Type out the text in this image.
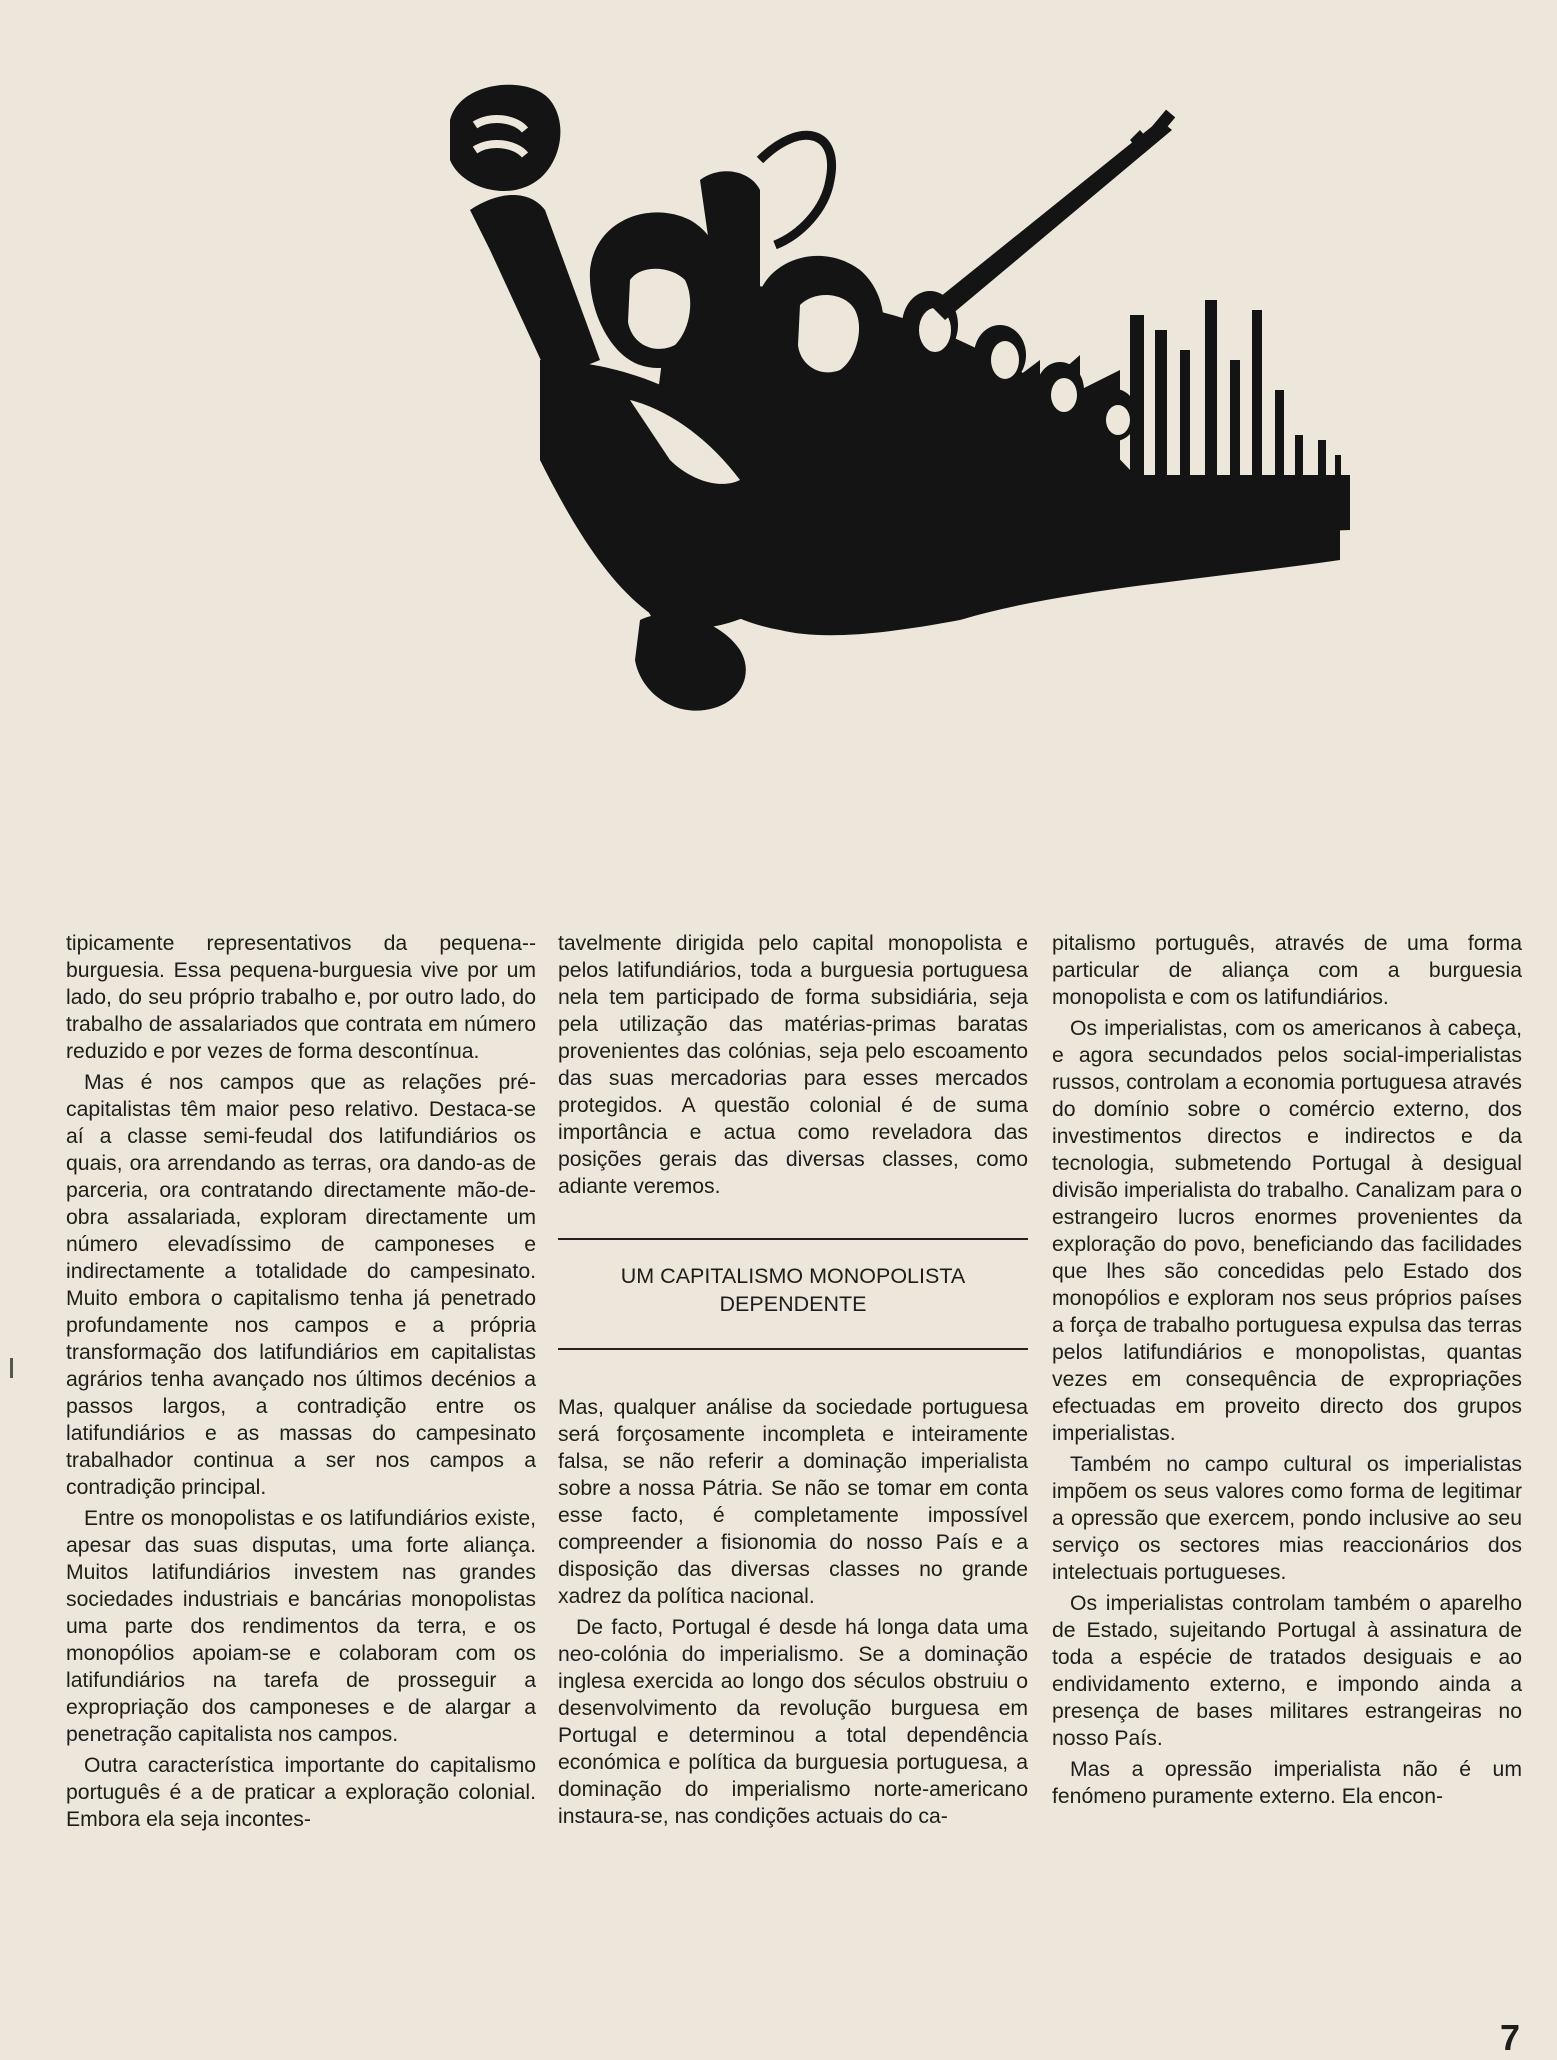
tipicamente representativos da pequena--burguesia. Essa pequena-burguesia vive por um lado, do seu próprio trabalho e, por outro lado, do trabalho de assalariados que contrata em número reduzido e por vezes de forma descontínua.

Mas é nos campos que as relações pré-capitalistas têm maior peso relativo. Destaca-se aí a classe semi-feudal dos latifundiários os quais, ora arrendando as terras, ora dando-as de parceria, ora contratando directamente mão-de-obra assalariada, exploram directamente um número elevadíssimo de camponeses e indirectamente a totalidade do campesinato. Muito embora o capitalismo tenha já penetrado profundamente nos campos e a própria transformação dos latifundiários em capitalistas agrários tenha avançado nos últimos decénios a passos largos, a contradição entre os latifundiários e as massas do campesinato trabalhador continua a ser nos campos a contradição principal.

Entre os monopolistas e os latifundiários existe, apesar das suas disputas, uma forte aliança. Muitos latifundiários investem nas grandes sociedades industriais e bancárias monopolistas uma parte dos rendimentos da terra, e os monopólios apoiam-se e colaboram com os latifundiários na tarefa de prosseguir a expropriação dos camponeses e de alargar a penetração capitalista nos campos.

Outra característica importante do capitalismo português é a de praticar a exploração colonial. Embora ela seja incontes-

tavelmente dirigida pelo capital monopolista e pelos latifundiários, toda a burguesia portuguesa nela tem participado de forma subsidiária, seja pela utilização das matérias-primas baratas provenientes das colónias, seja pelo escoamento das suas mercadorias para esses mercados protegidos. A questão colonial é de suma importância e actua como reveladora das posições gerais das diversas classes, como adiante veremos.

UM CAPITALISMO MONOPOLISTA DEPENDENTE

Mas, qualquer análise da sociedade portuguesa será forçosamente incompleta e inteiramente falsa, se não referir a dominação imperialista sobre a nossa Pátria. Se não se tomar em conta esse facto, é completamente impossível compreender a fisionomia do nosso País e a disposição das diversas classes no grande xadrez da política nacional.

De facto, Portugal é desde há longa data uma neo-colónia do imperialismo. Se a dominação inglesa exercida ao longo dos séculos obstruiu o desenvolvimento da revolução burguesa em Portugal e determinou a total dependência económica e política da burguesia portuguesa, a dominação do imperialismo norte-americano instaura-se, nas condições actuais do ca-

pitalismo português, através de uma forma particular de aliança com a burguesia monopolista e com os latifundiários.

Os imperialistas, com os americanos à cabeça, e agora secundados pelos social-imperialistas russos, controlam a economia portuguesa através do domínio sobre o comércio externo, dos investimentos directos e indirectos e da tecnologia, submetendo Portugal à desigual divisão imperialista do trabalho. Canalizam para o estrangeiro lucros enormes provenientes da exploração do povo, beneficiando das facilidades que lhes são concedidas pelo Estado dos monopólios e exploram nos seus próprios países a força de trabalho portuguesa expulsa das terras pelos latifundiários e monopolistas, quantas vezes em consequência de expropriações efectuadas em proveito directo dos grupos imperialistas.

Também no campo cultural os imperialistas impõem os seus valores como forma de legitimar a opressão que exercem, pondo inclusive ao seu serviço os sectores mias reaccionários dos intelectuais portugueses.

Os imperialistas controlam também o aparelho de Estado, sujeitando Portugal à assinatura de toda a espécie de tratados desiguais e ao endividamento externo, e impondo ainda a presença de bases militares estrangeiras no nosso País.

Mas a opressão imperialista não é um fenómeno puramente externo. Ela encon-

7
